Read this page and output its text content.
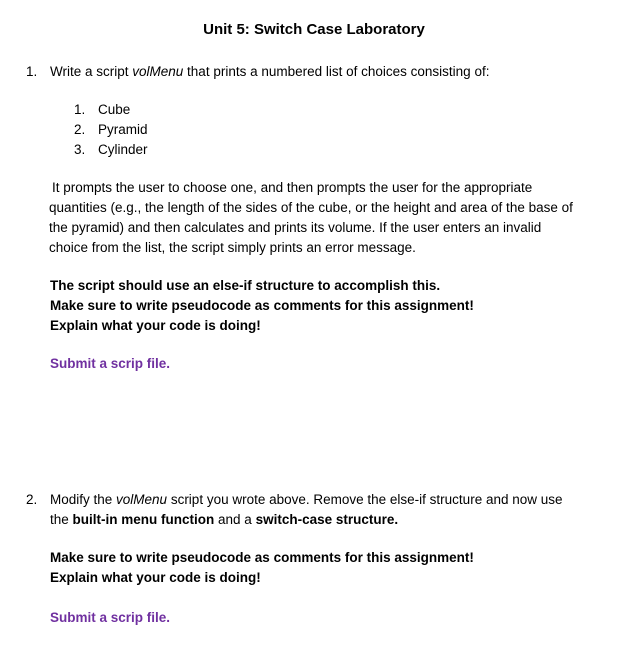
Unit 5: Switch Case Laboratory
1. Write a script volMenu that prints a numbered list of choices consisting of:
1. Cube
2. Pyramid
3. Cylinder
It prompts the user to choose one, and then prompts the user for the appropriate
quantities (e.g., the length of the sides of the cube, or the height and area of the base of
the pyramid) and then calculates and prints its volume. If the user enters an invalid
choice from the list, the script simply prints an error message.
The script should use an else-if structure to accomplish this.
Make sure to write pseudocode as comments for this assignment!
Explain what your code is doing!
Submit a scrip file.
2. Modify the volMenu script you wrote above. Remove the else-if structure and now use
the built-in menu function and a switch-case structure.
Make sure to write pseudocode as comments for this assignment!
Explain what your code is doing!
Submit a scrip file.
